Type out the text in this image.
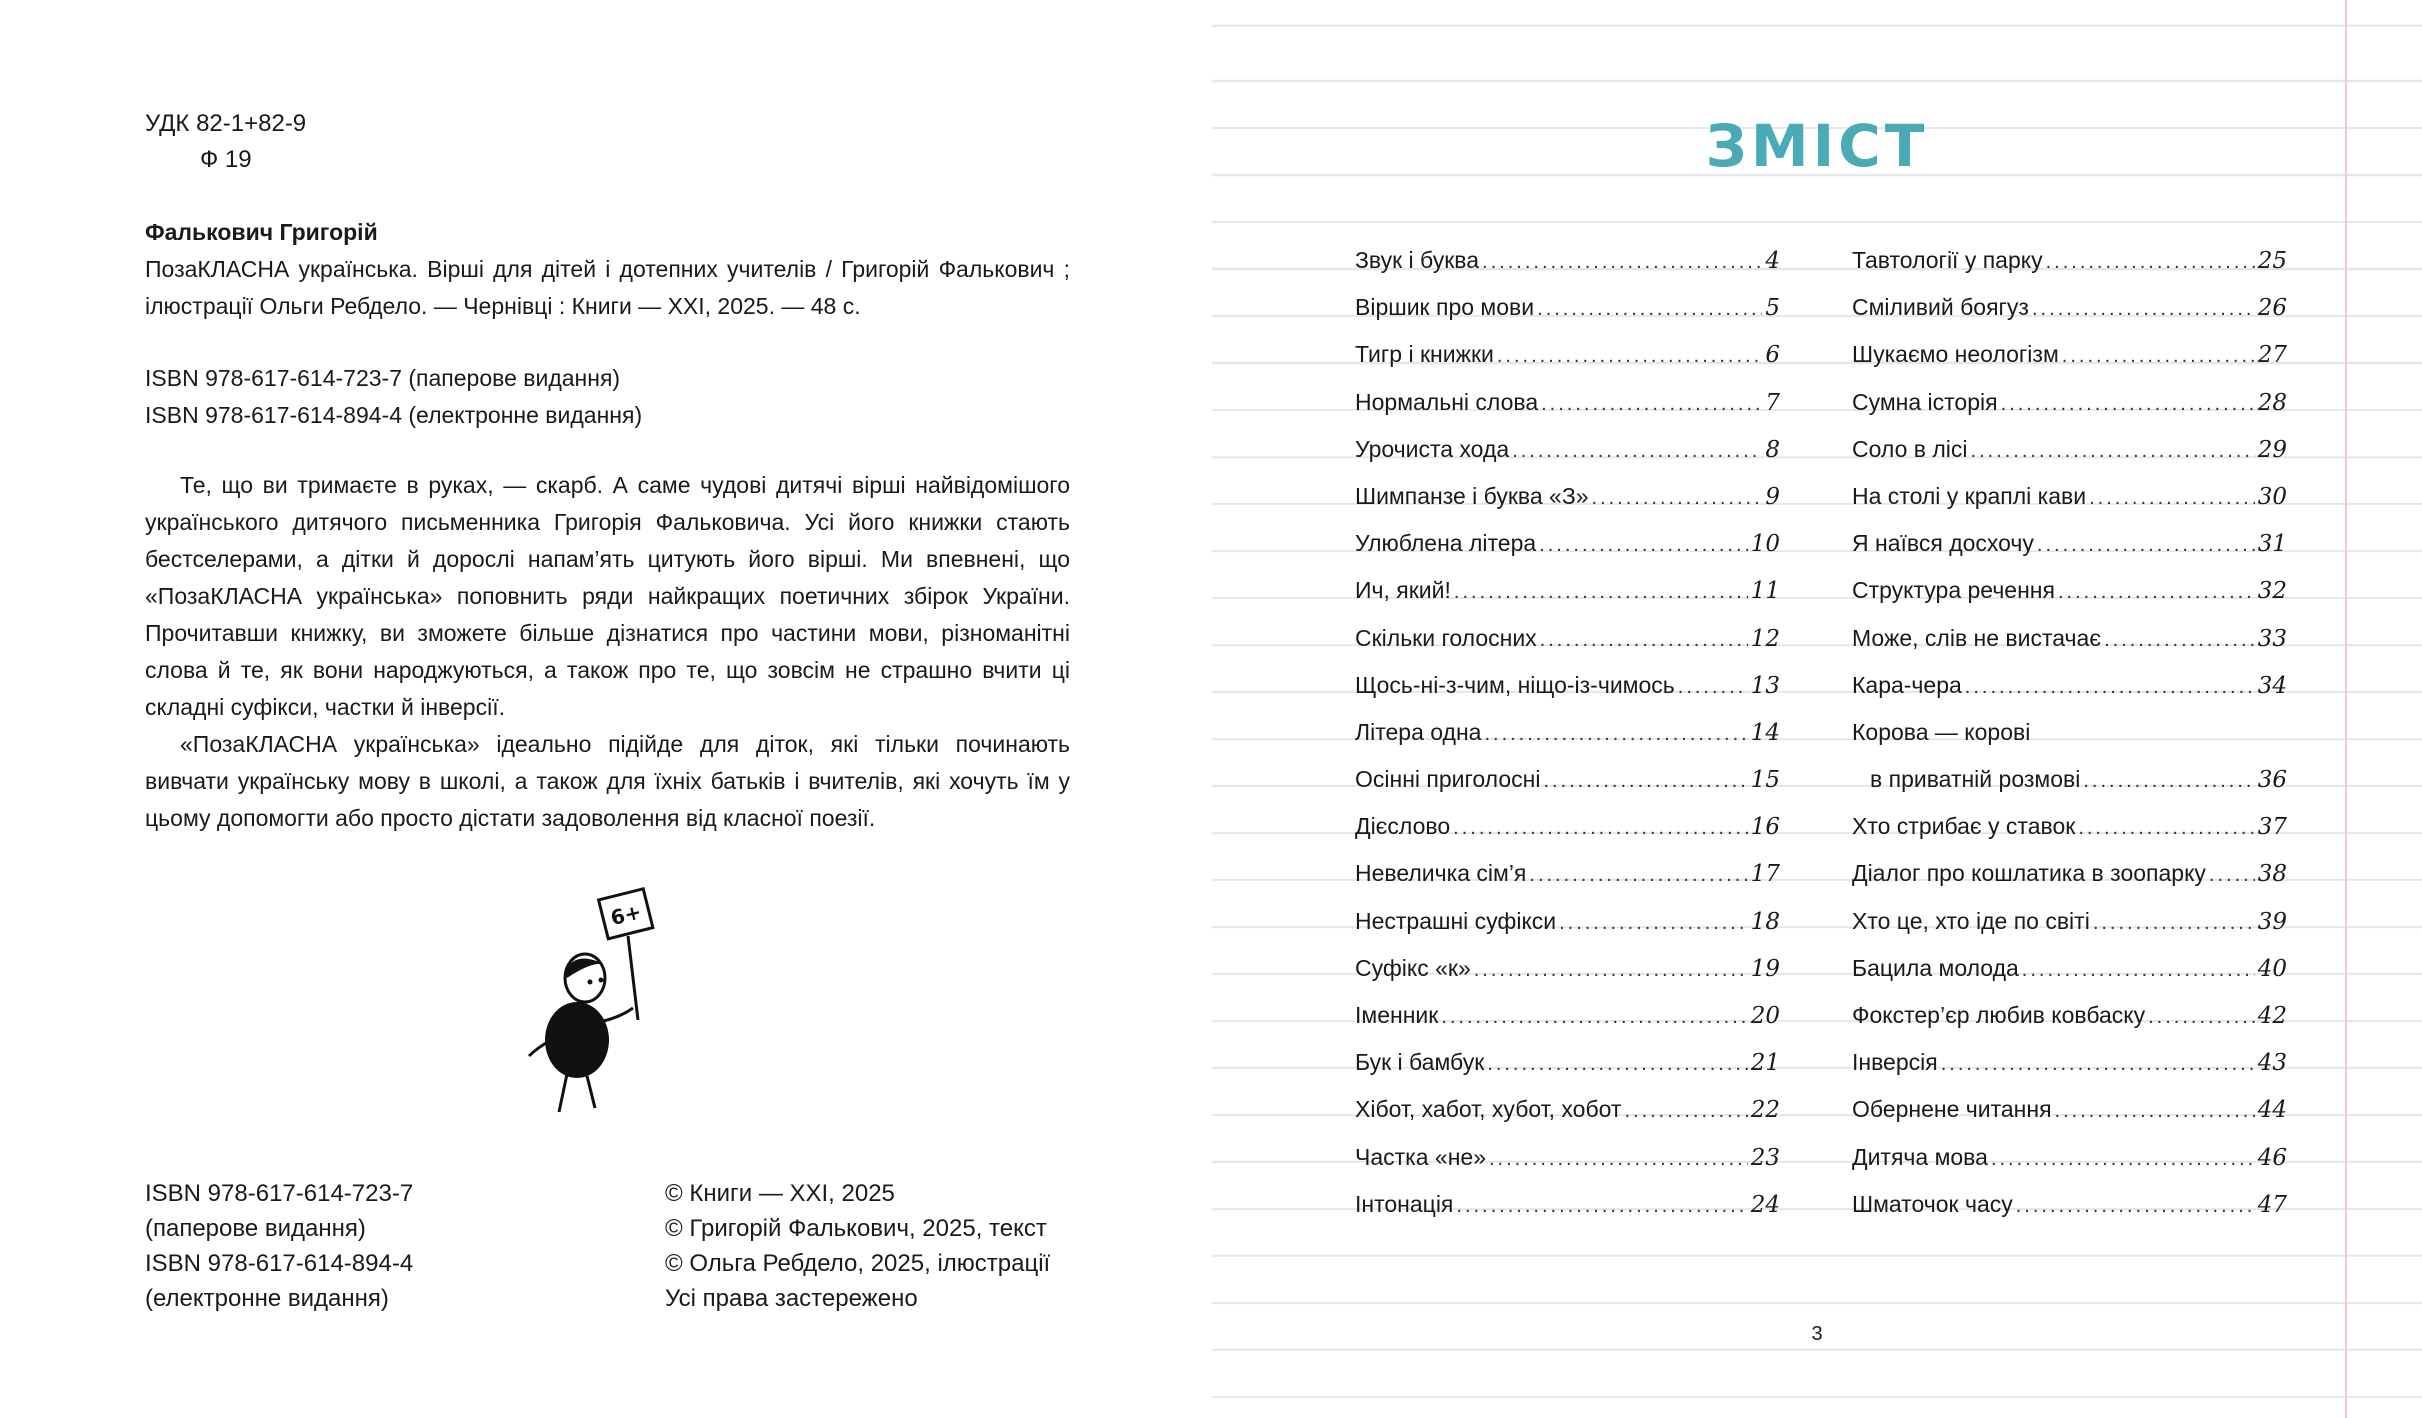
УДК 82-1+82-9
Ф 19
Фалькович Григорій
ПозаКЛАСНА українська. Вірші для дітей і дотепних учителів / Григорій Фалькович ; ілюстрації Ольги Ребдело. — Чернівці : Книги — ХХІ, 2025. — 48 с.
ISBN 978-617-614-723-7 (паперове видання)
ISBN 978-617-614-894-4 (електронне видання)

Те, що ви тримаєте в руках, — скарб. А саме чудові дитячі вірші найвідомішого українського дитячого письменника Григорія Фальковича. Усі його книжки стають бестселерами, а дітки й дорослі напам’ять цитують його вірші. Ми впевнені, що «ПозаКЛАСНА українська» поповнить ряди найкращих поетичних збірок України. Прочитавши книжку, ви зможете більше дізнатися про частини мови, різноманітні слова й те, як вони народжуються, а також про те, що зовсім не страшно вчити ці складні суфікси, частки й інверсії.

«ПозаКЛАСНА українська» ідеально підійде для діток, які тільки починають вивчати українську мову в школі, а також для їхніх батьків і вчителів, які хочуть їм у цьому допомогти або просто дістати задоволення від класної поезії.

6+
ISBN 978-617-614-723-7
(паперове видання)
ISBN 978-617-614-894-4
(електронне видання)
© Книги — ХХІ, 2025
© Григорій Фалькович, 2025, текст
© Ольга Ребдело, 2025, ілюстрації
Усі права застережено
ЗМІСТ
Звук і буква .....	4
Віршик про мови .....	5
Тигр і книжки .....	6
Нормальні слова .....	7
Урочиста хода .....	8
Шимпанзе і буква «З» .....	9
Улюблена літера .....	10
Ич, який! .....	11
Скільки голосних .....	12
Щось-ні-з-чим, ніщо-із-чимось .....	13
Літера одна .....	14
Осінні приголосні .....	15
Дієслово .....	16
Невеличка сім’я .....	17
Нестрашні суфікси .....	18
Суфікс «к» .....	19
Іменник .....	20
Бук і бамбук .....	21
Хібот, хабот, хубот, хобот .....	22
Частка «не» .....	23
Інтонація .....	24
Тавтології у парку .....	25
Сміливий боягуз .....	26
Шукаємо неологізм .....	27
Сумна історія .....	28
Соло в лісі .....	29
На столі у краплі кави .....	30
Я наївся досхочу .....	31
Структура речення .....	32
Може, слів не вистачає .....	33
Кара-чера .....	34
Корова — корові
в приватній розмові .....	36
Хто стрибає у ставок .....	37
Діалог про кошлатика в зоопарку ..... 38
Хто це, хто іде по світі .....	39
Бацила молода .....	40
Фокстер’єр любив ковбаску .....	42
Інверсія .....	43
Обернене читання .....	44
Дитяча мова .....	46
Шматочок часу .....	47
3
